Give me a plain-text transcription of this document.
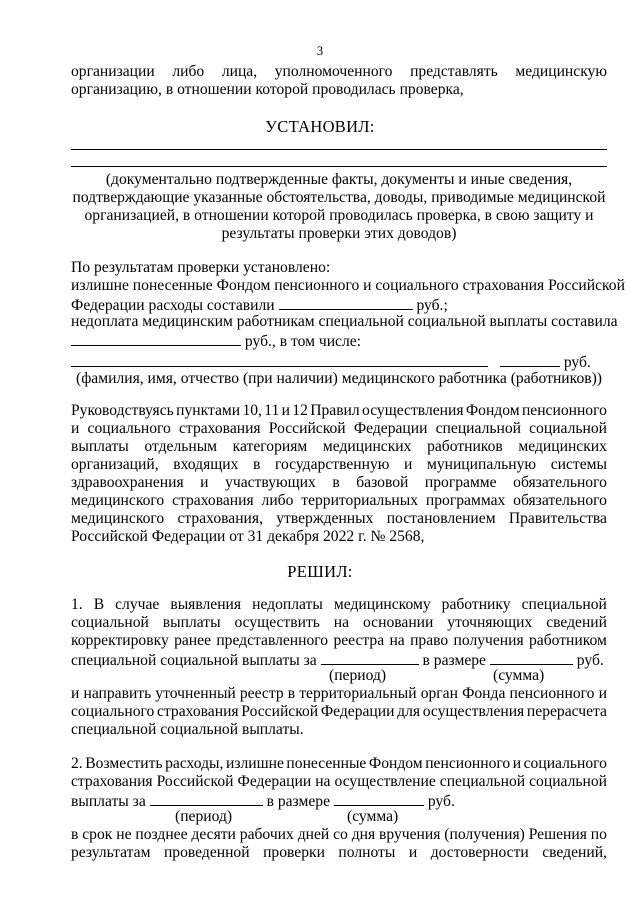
3
организации либо лица, уполномоченного представлять медицинскую
организацию, в отношении которой проводилась проверка,
УСТАНОВИЛ:
(документально подтвержденные факты, документы и иные сведения,
подтверждающие указанные обстоятельства, доводы, приводимые медицинской
организацией, в отношении которой проводилась проверка, в свою защиту и
результаты проверки этих доводов)
По результатам проверки установлено:
излишне понесенные Фондом пенсионного и социального страхования Российской
Федерации расходы составили	руб.;
недоплата медицинским работникам специальной социальной выплаты составила
руб., в том числе:
руб.
(фамилия, имя, отчество (при наличии) медицинского работника (работников))
Руководствуясь пунктами 10, 11 и 12 Правил осуществления Фондом пенсионного
и социального страхования Российской Федерации специальной социальной
выплаты отдельным категориям медицинских работников медицинских
организаций, входящих в государственную и муниципальную системы
здравоохранения и участвующих в базовой программе обязательного
медицинского страхования либо территориальных программах обязательного
медицинского страхования, утвержденных постановлением Правительства
Российской Федерации от 31 декабря 2022 г. № 2568,
РЕШИЛ:
1. В случае выявления недоплаты медицинскому работнику специальной
социальной выплаты осуществить на основании уточняющих сведений
корректировку ранее представленного реестра на право получения работником
специальной социальной выплаты за	в размере	руб.
(период)	(сумма)
и направить уточненный реестр в территориальный орган Фонда пенсионного и
социального страхования Российской Федерации для осуществления перерасчета
специальной социальной выплаты.
2. Возместить расходы, излишне понесенные Фондом пенсионного и социального
страхования Российской Федерации на осуществление специальной социальной
выплаты за	в размере	руб.
(период)	(сумма)
в срок не позднее десяти рабочих дней со дня вручения (получения) Решения по
результатам проведенной проверки полноты и достоверности сведений,
